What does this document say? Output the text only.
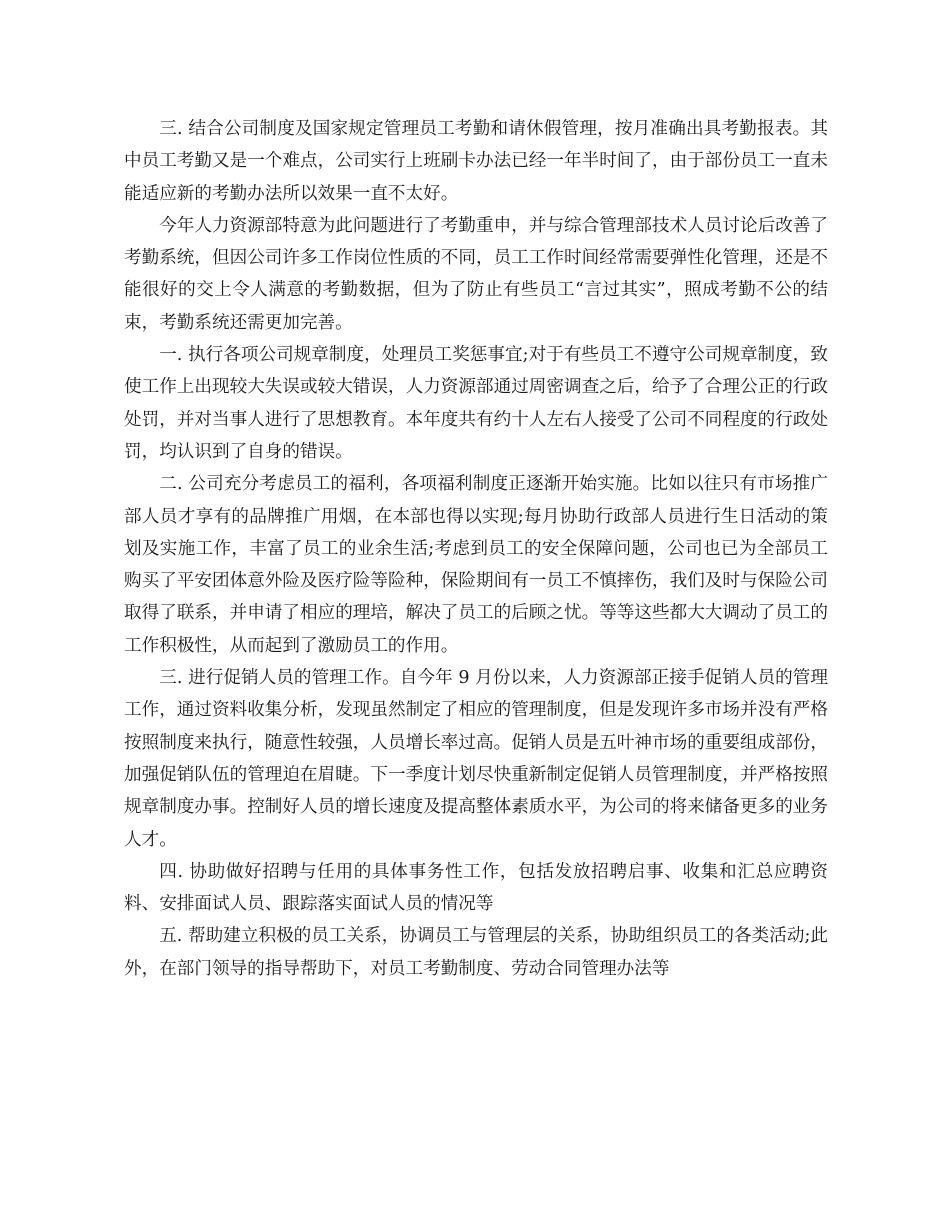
三. 结合公司制度及国家规定管理员工考勤和请休假管理，按月准确出具考勤报表。其中员工考勤又是一个难点，公司实行上班刷卡办法已经一年半时间了，由于部份员工一直未能适应新的考勤办法所以效果一直不太好。

今年人力资源部特意为此问题进行了考勤重申，并与综合管理部技术人员讨论后改善了考勤系统，但因公司许多工作岗位性质的不同，员工工作时间经常需要弹性化管理，还是不能很好的交上令人满意的考勤数据，但为了防止有些员工“言过其实”，照成考勤不公的结束，考勤系统还需更加完善。

一. 执行各项公司规章制度，处理员工奖惩事宜;对于有些员工不遵守公司规章制度，致使工作上出现较大失误或较大错误，人力资源部通过周密调查之后，给予了合理公正的行政处罚，并对当事人进行了思想教育。本年度共有约十人左右人接受了公司不同程度的行政处罚，均认识到了自身的错误。

二. 公司充分考虑员工的福利，各项福利制度正逐渐开始实施。比如以往只有市场推广部人员才享有的品牌推广用烟，在本部也得以实现;每月协助行政部人员进行生日活动的策划及实施工作，丰富了员工的业余生活;考虑到员工的安全保障问题，公司也已为全部员工购买了平安团体意外险及医疗险等险种，保险期间有一员工不慎摔伤，我们及时与保险公司取得了联系，并申请了相应的理培，解决了员工的后顾之忧。等等这些都大大调动了员工的工作积极性，从而起到了激励员工的作用。

三. 进行促销人员的管理工作。自今年 9 月份以来，人力资源部正接手促销人员的管理工作，通过资料收集分析，发现虽然制定了相应的管理制度，但是发现许多市场并没有严格按照制度来执行，随意性较强，人员增长率过高。促销人员是五叶神市场的重要组成部份，加强促销队伍的管理迫在眉睫。下一季度计划尽快重新制定促销人员管理制度，并严格按照规章制度办事。控制好人员的增长速度及提高整体素质水平，为公司的将来储备更多的业务人才。

四. 协助做好招聘与任用的具体事务性工作，包括发放招聘启事、收集和汇总应聘资料、安排面试人员、跟踪落实面试人员的情况等

五. 帮助建立积极的员工关系，协调员工与管理层的关系，协助组织员工的各类活动;此外，在部门领导的指导帮助下，对员工考勤制度、劳动合同管理办法等
